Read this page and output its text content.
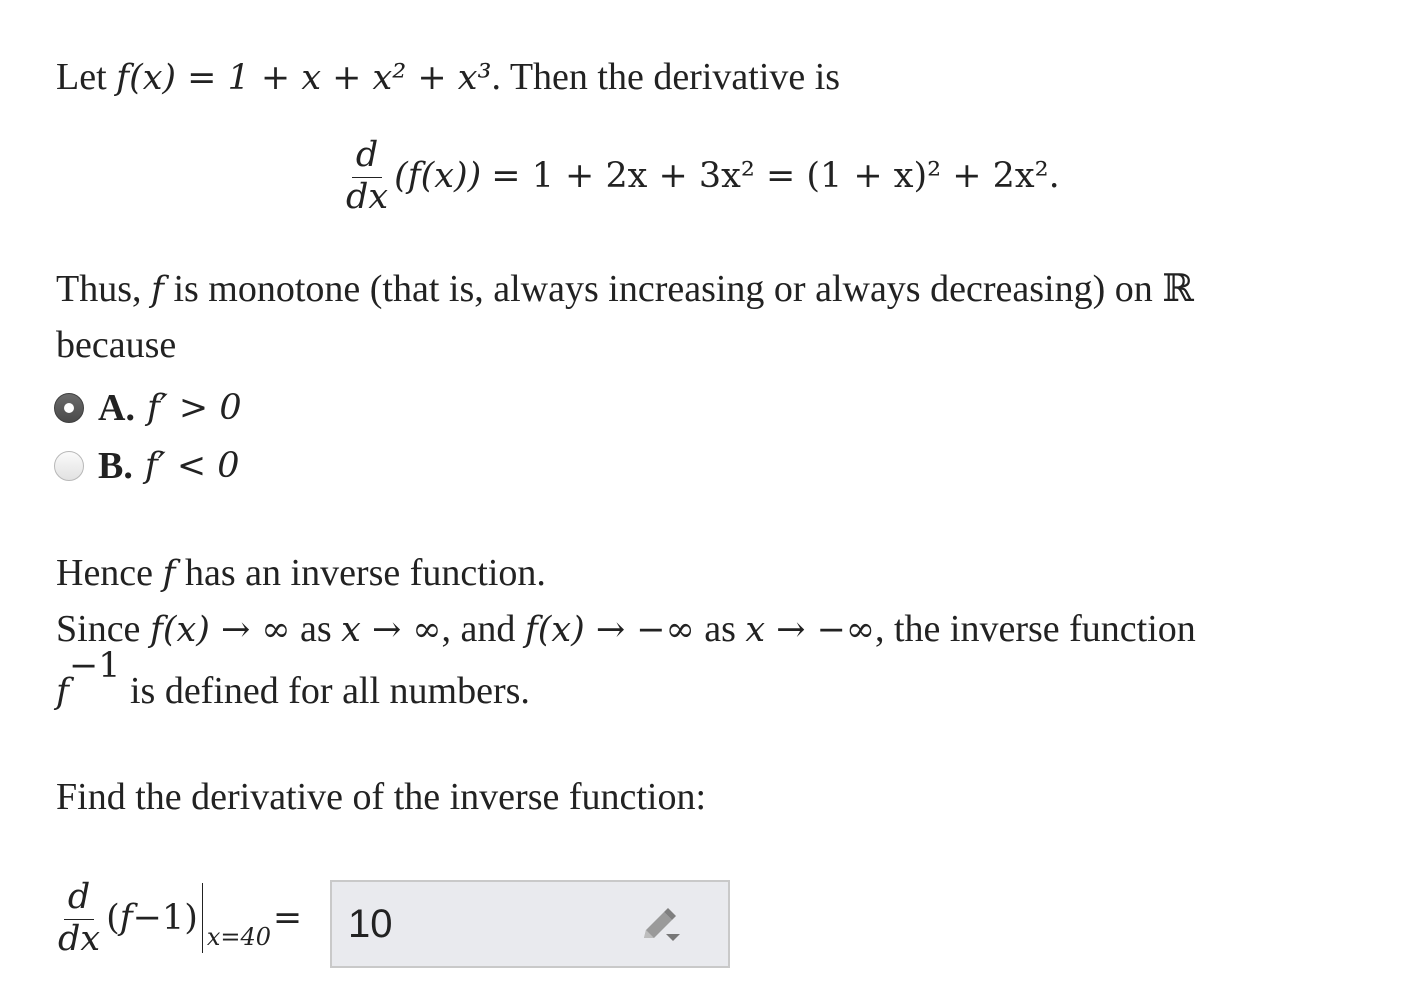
Let f(x) = 1 + x + x² + x³. Then the derivative is
$\frac{d}{dx} (f(x)) = 1 + 2x + 3x^2 = (1 + x)^2 + 2x^2$.
Thus, f is monotone (that is, always increasing or always decreasing) on ℝ
because
A. f′ > 0
B. f′ < 0
Hence f has an inverse function.
Since f(x) → ∞ as x → ∞, and f(x) → −∞ as x → −∞, the inverse function
$f^{-1}$ is defined for all numbers.
Find the derivative of the inverse function:
$\frac{d}{dx}$ ( f −1 ) x=40 =
10
